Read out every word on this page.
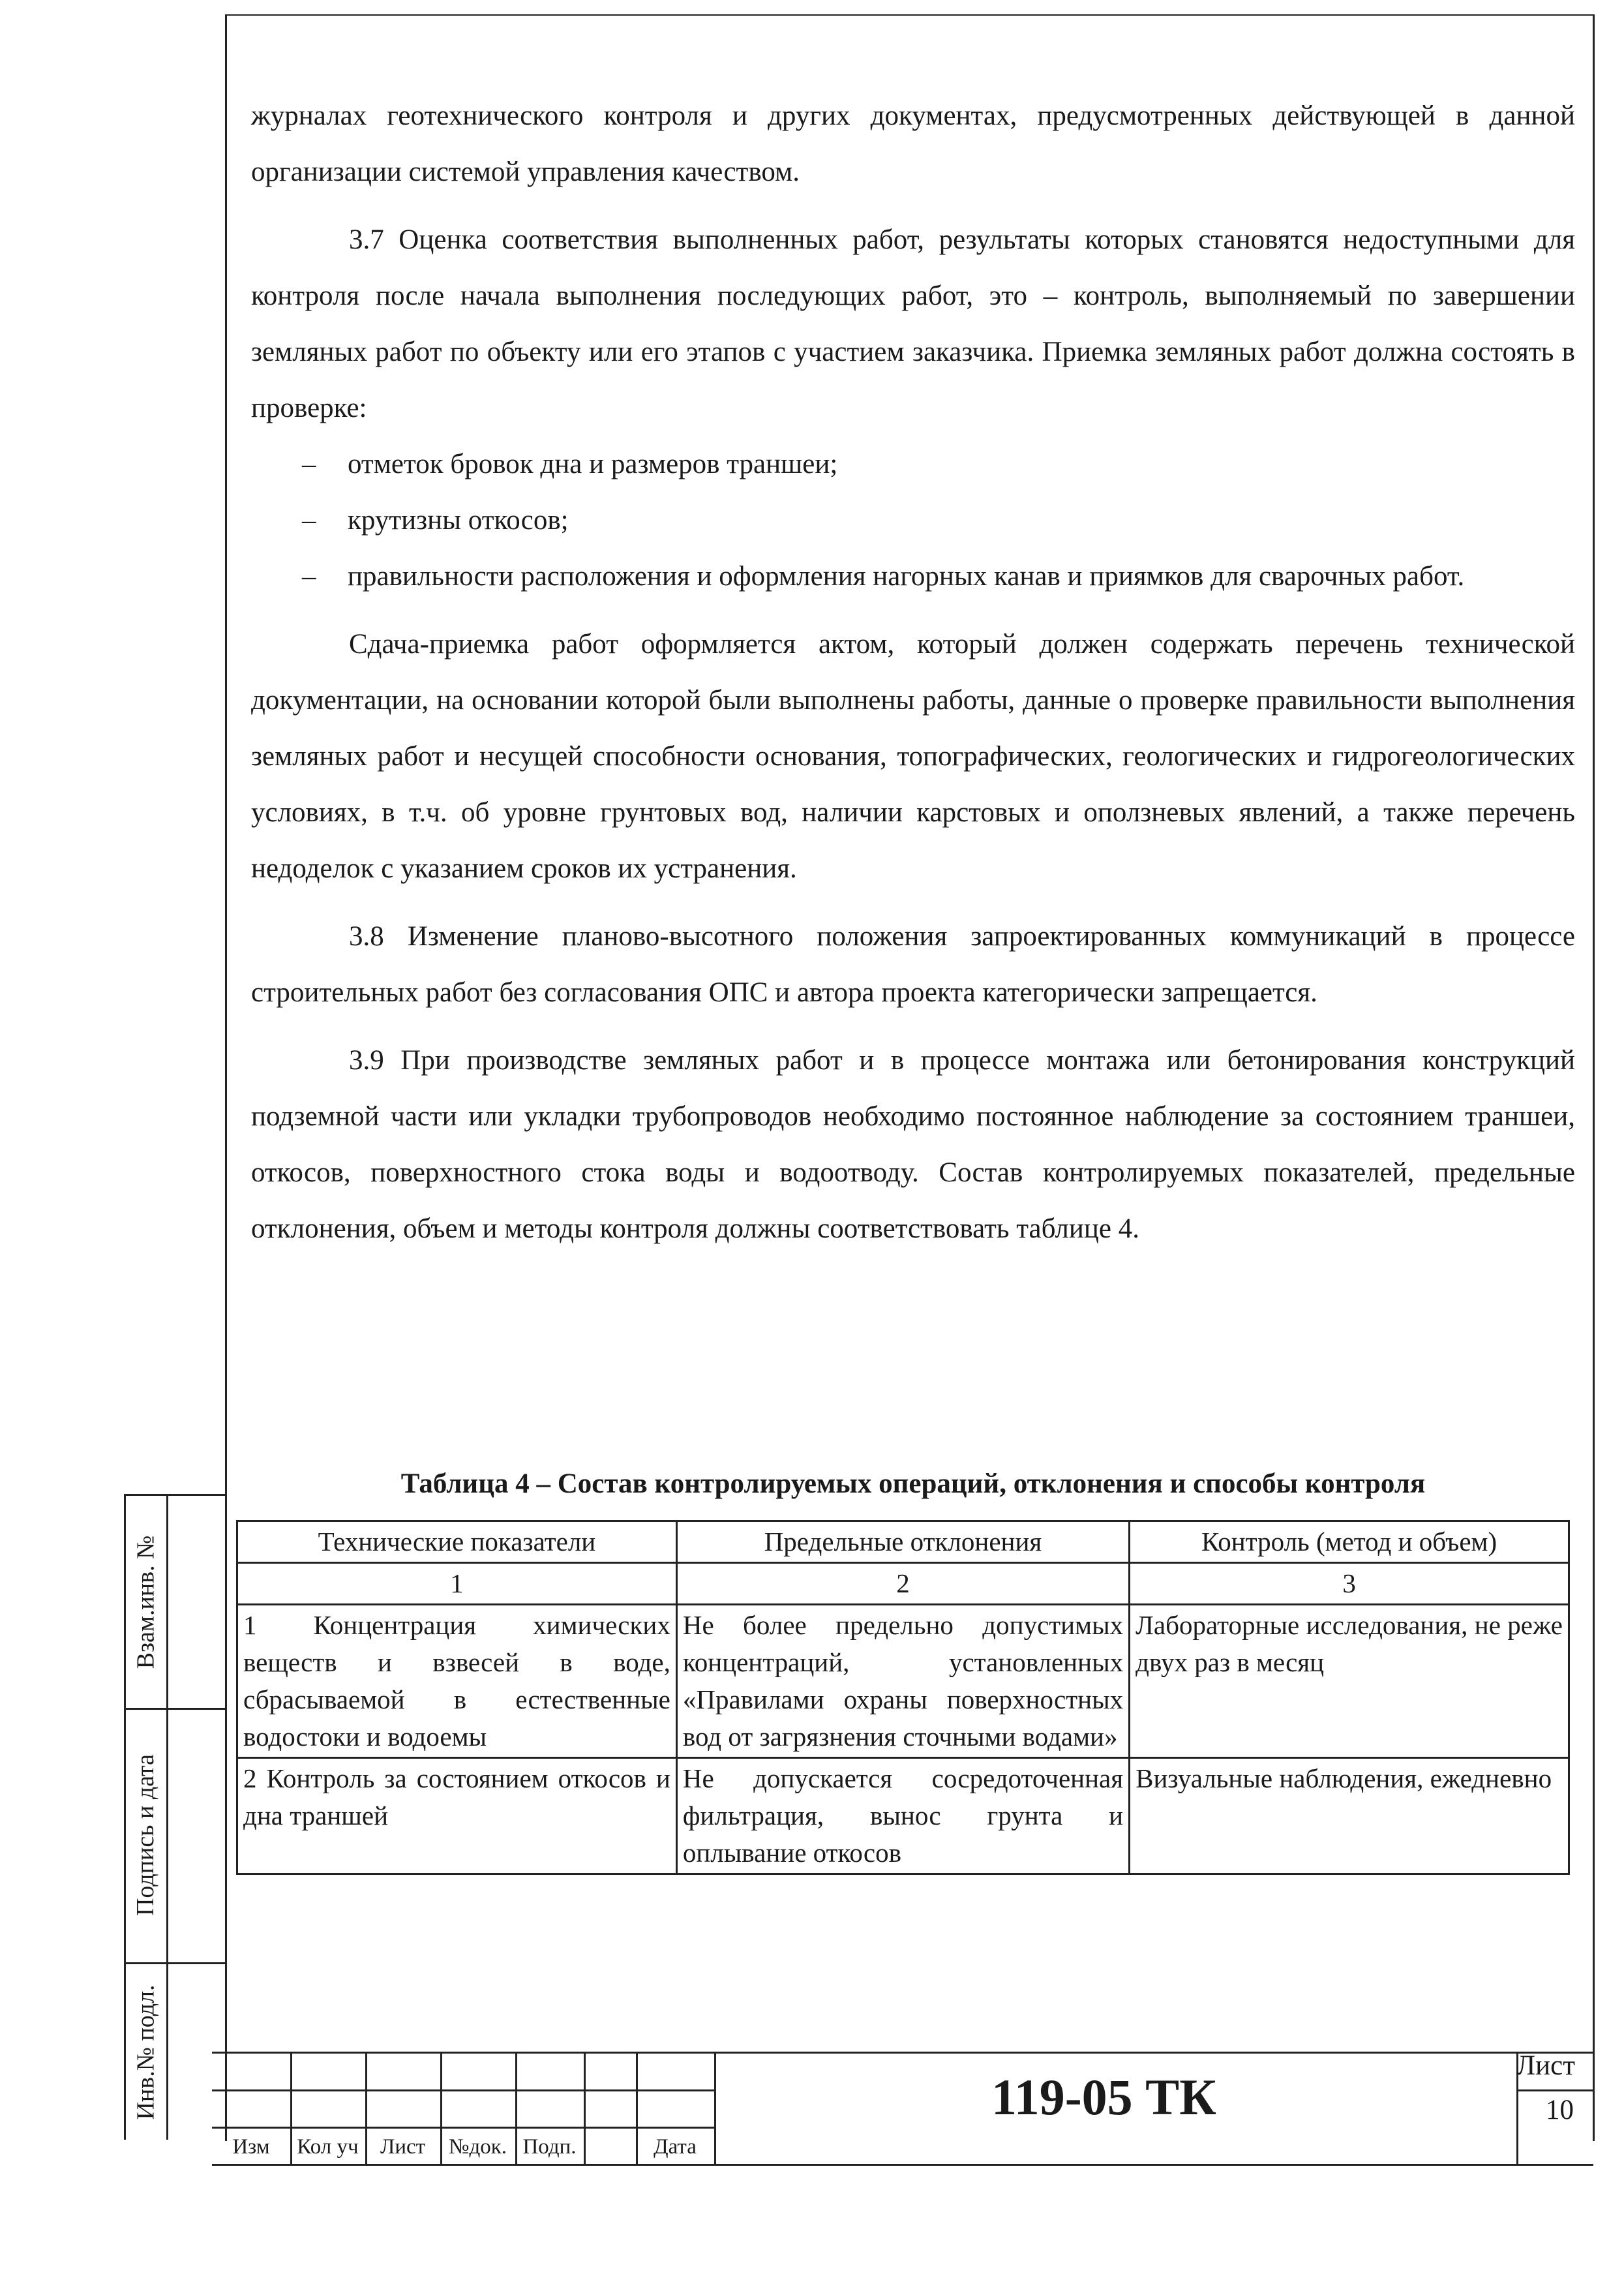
журналах геотехнического контроля и других документах, предусмотренных действующей в данной организации системой управления качеством.

3.7 Оценка соответствия выполненных работ, результаты которых становятся недоступными для контроля после начала выполнения последующих работ, это – контроль, выполняемый по завершении земляных работ по объекту или его этапов с участием заказчика. Приемка земляных работ должна состоять в проверке:

– отметок бровок дна и размеров траншеи;

– крутизны откосов;

– правильности расположения и оформления нагорных канав и приямков для сварочных работ.

Сдача-приемка работ оформляется актом, который должен содержать перечень технической документации, на основании которой были выполнены работы, данные о проверке правильности выполнения земляных работ и несущей способности основания, топографических, геологических и гидрогеологических условиях, в т.ч. об уровне грунтовых вод, наличии карстовых и оползневых явлений, а также перечень недоделок с указанием сроков их устранения.

3.8 Изменение планово-высотного положения запроектированных коммуникаций в процессе строительных работ без согласования ОПС и автора проекта категорически запрещается.

3.9 При производстве земляных работ и в процессе монтажа или бетонирования конструкций подземной части или укладки трубопроводов необходимо постоянное наблюдение за состоянием траншеи, откосов, поверхностного стока воды и водоотводу. Состав контролируемых показателей, предельные отклонения, объем и методы контроля должны соответствовать таблице 4.

Таблица 4 – Состав контролируемых операций, отклонения и способы контроля
Технические показатели	Предельные отклонения	Контроль (метод и объем)
1	2	3
1 Концентрация химических веществ и взвесей в воде, сбрасываемой в естественные водостоки и водоемы	Не более предельно допустимых концентраций, установленных «Правилами охраны поверхностных вод от загрязнения сточными водами»	Лабораторные исследования, не реже двух раз в месяц
2 Контроль за состоянием откосов и дна траншей	Не допускается сосредоточенная фильтрация, вынос грунта и оплывание откосов	Визуальные наблюдения, ежедневно
Взам.инв. №
Подпись и дата
Инв.№ подл.
Изм	Кол уч	Лист	№док. Подп.	Дата
119-05 ТК
Лист
10
